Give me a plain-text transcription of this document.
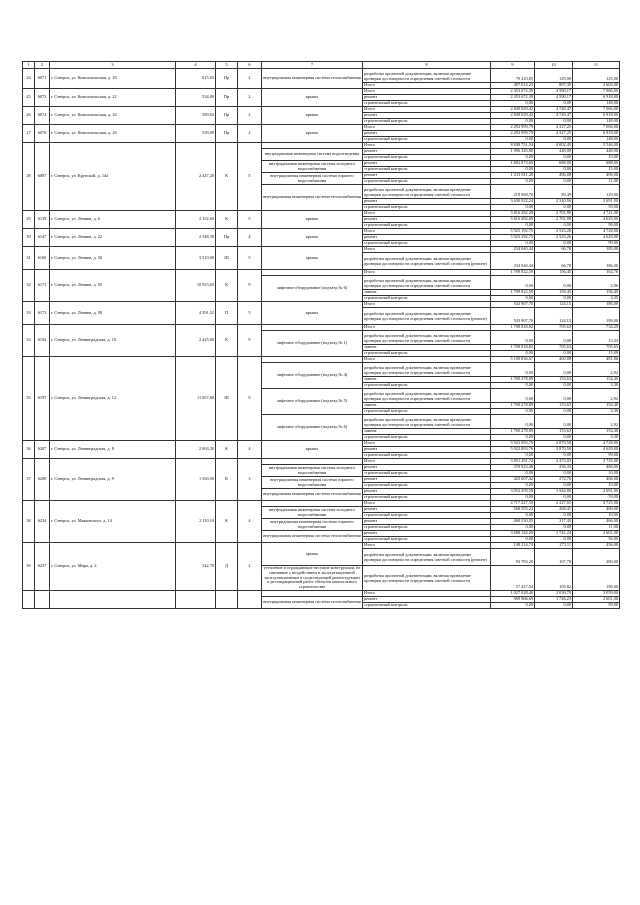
1	2	3	4	5	6	7	8	9	10	11
24	6071	г. Северск, ул. Комсомольская, д. 20	615,65	Пр	2	внутридомовая инженерная система теплоснабжения	разработка проектной документации, включая проведение проверки достоверности определения сметной стоимости	79 410,85	129,00	129,00
							Итого	497 014,23	807,30	2 603,00
25	6072	г. Северск, ул. Комсомольская, д. 22	534,00	Пр	2	крыша	Итого	2 453 672,39	4 590,17	7 066,00
							ремонт	2 453 672,39	4 590,17	6 918,00
							строительный контроль	0,00	0,00	148,00
26	6074	г. Северск, ул. Комсомольская, д. 24	589,02	Пр	2	крыша	Итого	2 849 029,42	4 749,47	7 066,00
							ремонт	2 849 029,42	4 749,47	6 918,00
							строительный контроль	0,00	0,00	148,00
27	6076	г. Северск, ул. Комсомольская, д. 26	539,00	Пр	2	крыша	Итого	2 292 999,79	4 327,25	7 066,00
							ремонт	2 292 999,79	4 327,25	6 918,00
							строительный контроль	0,00	0,00	148,00
28	6087	г. Северск, ул. Крупской, д. 14а	2 447,20	К	5		Итого	8 848 751,34	4 002,45	5 546,00
						внутридомовая инженерная система водоотведения	ремонт	1 096 345,80	448,00	448,00
							строительный контроль	0,00	0,00	10,00
						внутридомовая инженерная система холодного водоснабжения	ремонт	1 682 873,60	688,00	688,00
							строительный контроль	0,00	0,00	15,00
						внутридомовая инженерная система горячего водоснабжения	ремонт	1 213 811,20	496,00	496,00
							строительный контроль	0,00	0,00	11,00
						внутридомовая инженерная система теплоснабжения	разработка проектной документации, включая проведение проверки достоверности определения сметной стоимости	218 968,70	89,49	129,00
							ремонт	3 630 922,24	2 340,56	2 691,00
							строительный контроль	0,00	0,00	59,00
29	6139	г. Северск, ул. Ленина, д. 6	2 152,60	К	5	крыша	Итого	5 816 282,09	2 701,98	4 721,00
							ремонт	5 816 282,09	2 701,98	4 629,00
							строительный контроль	0,00	0,00	99,00
30	6147	г. Северск, ул. Ленина, д. 22	2 348,30	Пр	4	крыша	Итого	5 925 192,75	2 523,26	4 728,00
							ремонт	5 925 192,75	2 523,26	4 629,00
							строительный контроль	0,00	0,00	99,00
31	6160	г. Северск, ул. Ленина, д. 50	3 510,00	Ш	5	крыша	Итого	234 940,44	66,78	185,00
							разработка проектной документации, включая проведение проверки достоверности определения сметной стоимости (ремонт)	234 940,44	66,78	186,00
32	6171	г. Северск, ул. Ленина, д. 92	10 923,63	К	9		Итого	1 709 822,59	156,45	162,76
						лифтовое оборудование (подъезд № 6)	разработка проектной документации, включая проведение проверки достоверности определения сметной стоимости	0,00	0,00	2,96
							замена	1 709 822,59	156,45	156,45
							строительный контроль	0,00	0,00	3,35
33	6173	г. Северск, ул. Ленина, д. 98	4 391,52	П	5	крыша	Итого	543 907,70	124,15	186,00
							разработка проектной документации, включая проведение проверки достоверности определения сметной стоимости (ремонт)	543 907,70	124,15	189,00
34	6192	г. Северск, ул. Ленинградская, д. 10	2 425,00	К	9		Итого	1 708 818,82	705,63	734,29
						лифтовое оборудование (подъезд № 1)	разработка проектной документации, включая проведение проверки достоверности определения сметной стоимости	0,00	0,00	13,33
							замена	1 708 818,82	705,63	705,63
							строительный контроль	0,00	0,00	15,09
35	6197	г. Северск, ул. Ленинградская, д. 12	11 067,60	Ш	9		Итого	5 100 836,67	460,88	481,86
						лифтовое оборудование (подъезд № 4)	разработка проектной документации, включая проведение проверки достоверности определения сметной стоимости	0,00	0,00	2,92
							замена	1 700 278,89	153,63	154,40
							строительный контроль	0,00	0,00	3,30
						лифтовое оборудование (подъезд № 5)	разработка проектной документации, включая проведение проверки достоверности определения сметной стоимости	0,00	0,00	2,92
							замена	1 700 278,89	153,63	154,40
							строительный контроль	0,00	0,00	3,30
						лифтовое оборудование (подъезд № 6)	разработка проектной документации, включая проведение проверки достоверности определения сметной стоимости	0,00	0,00	2,92
							замена	1 700 278,89	153,63	154,40
							строительный контроль	0,00	0,00	3,30
36	6207	г. Северск, ул. Ленинградская, д. 8	2 063,30	К	4	крыша	Итого	5 922 093,76	2 870,50	4 728,00
							ремонт	5 922 093,76	2 870,50	4 629,00
							строительный контроль	0,00	0,00	99,00
37	6208	г. Северск, ул. Ленинградская, д. 9	1 560,50	К	3		Итого	3 851 291,74	2 473,03	3 735,00
						внутридомовая инженерная система холодного водоснабжения	ремонт	370 923,48	236,33	466,00
							строительный контроль	0,00	0,00	10,00
						внутридомовая инженерная система горячего водоснабжения	ремонт	425 007,42	272,76	466,00
							строительный контроль	0,00	0,00	10,00
						внутридомовая инженерная система теплоснабжения	ремонт	3 052 359,58	1 944,80	2 691,00
							строительный контроль	0,00	0,00	59,00
38	6234	г. Северск, ул. Маяковского, д. 14	2 110,10	К	4		Итого	4 717 227,59	2 227,01	3 725,00
						внутридомовая инженерная система холодного водоснабжения	ремонт	568 555,24	268,41	469,00
							строительный контроль	0,00	0,00	10,00
						внутридомовая инженерная система горячего водоснабжения	ремонт	460 530,35	217,43	466,00
							строительный контроль	0,00	0,00	11,00
						внутридомовая инженерная система теплоснабжения	ремонт	3 688 144,00	1 741,24	2 601,00
							строительный контроль	0,00	0,00	56,00
39	6237	г. Северск, ул. Мира, д. 2	542,70	Д	2	крыша	Итого	148 214,74	273,11	456,00
							разработка проектной документации, включая проведение проверки достоверности определения сметной стоимости (ремонт)	93 783,20	167,79	280,00
						утепление и ограждающие несущие конструкции, не связанные с воздействием в эксплуатационной эксплуатационным в существующей реконструкции и реставрационной работ объектов капитального строительства	разработка проектной документации, включая проведение проверки достоверности определения сметной стоимости	57 427,04	105,82	196,00
							Итого	1 027 028,40	2 030,79	3 059,00
						внутридомовая инженерная система теплоснабжения	ремонт	969 966,69	1 746,23	2 601,00
							строительный контроль	0,00	0,00	59,00
